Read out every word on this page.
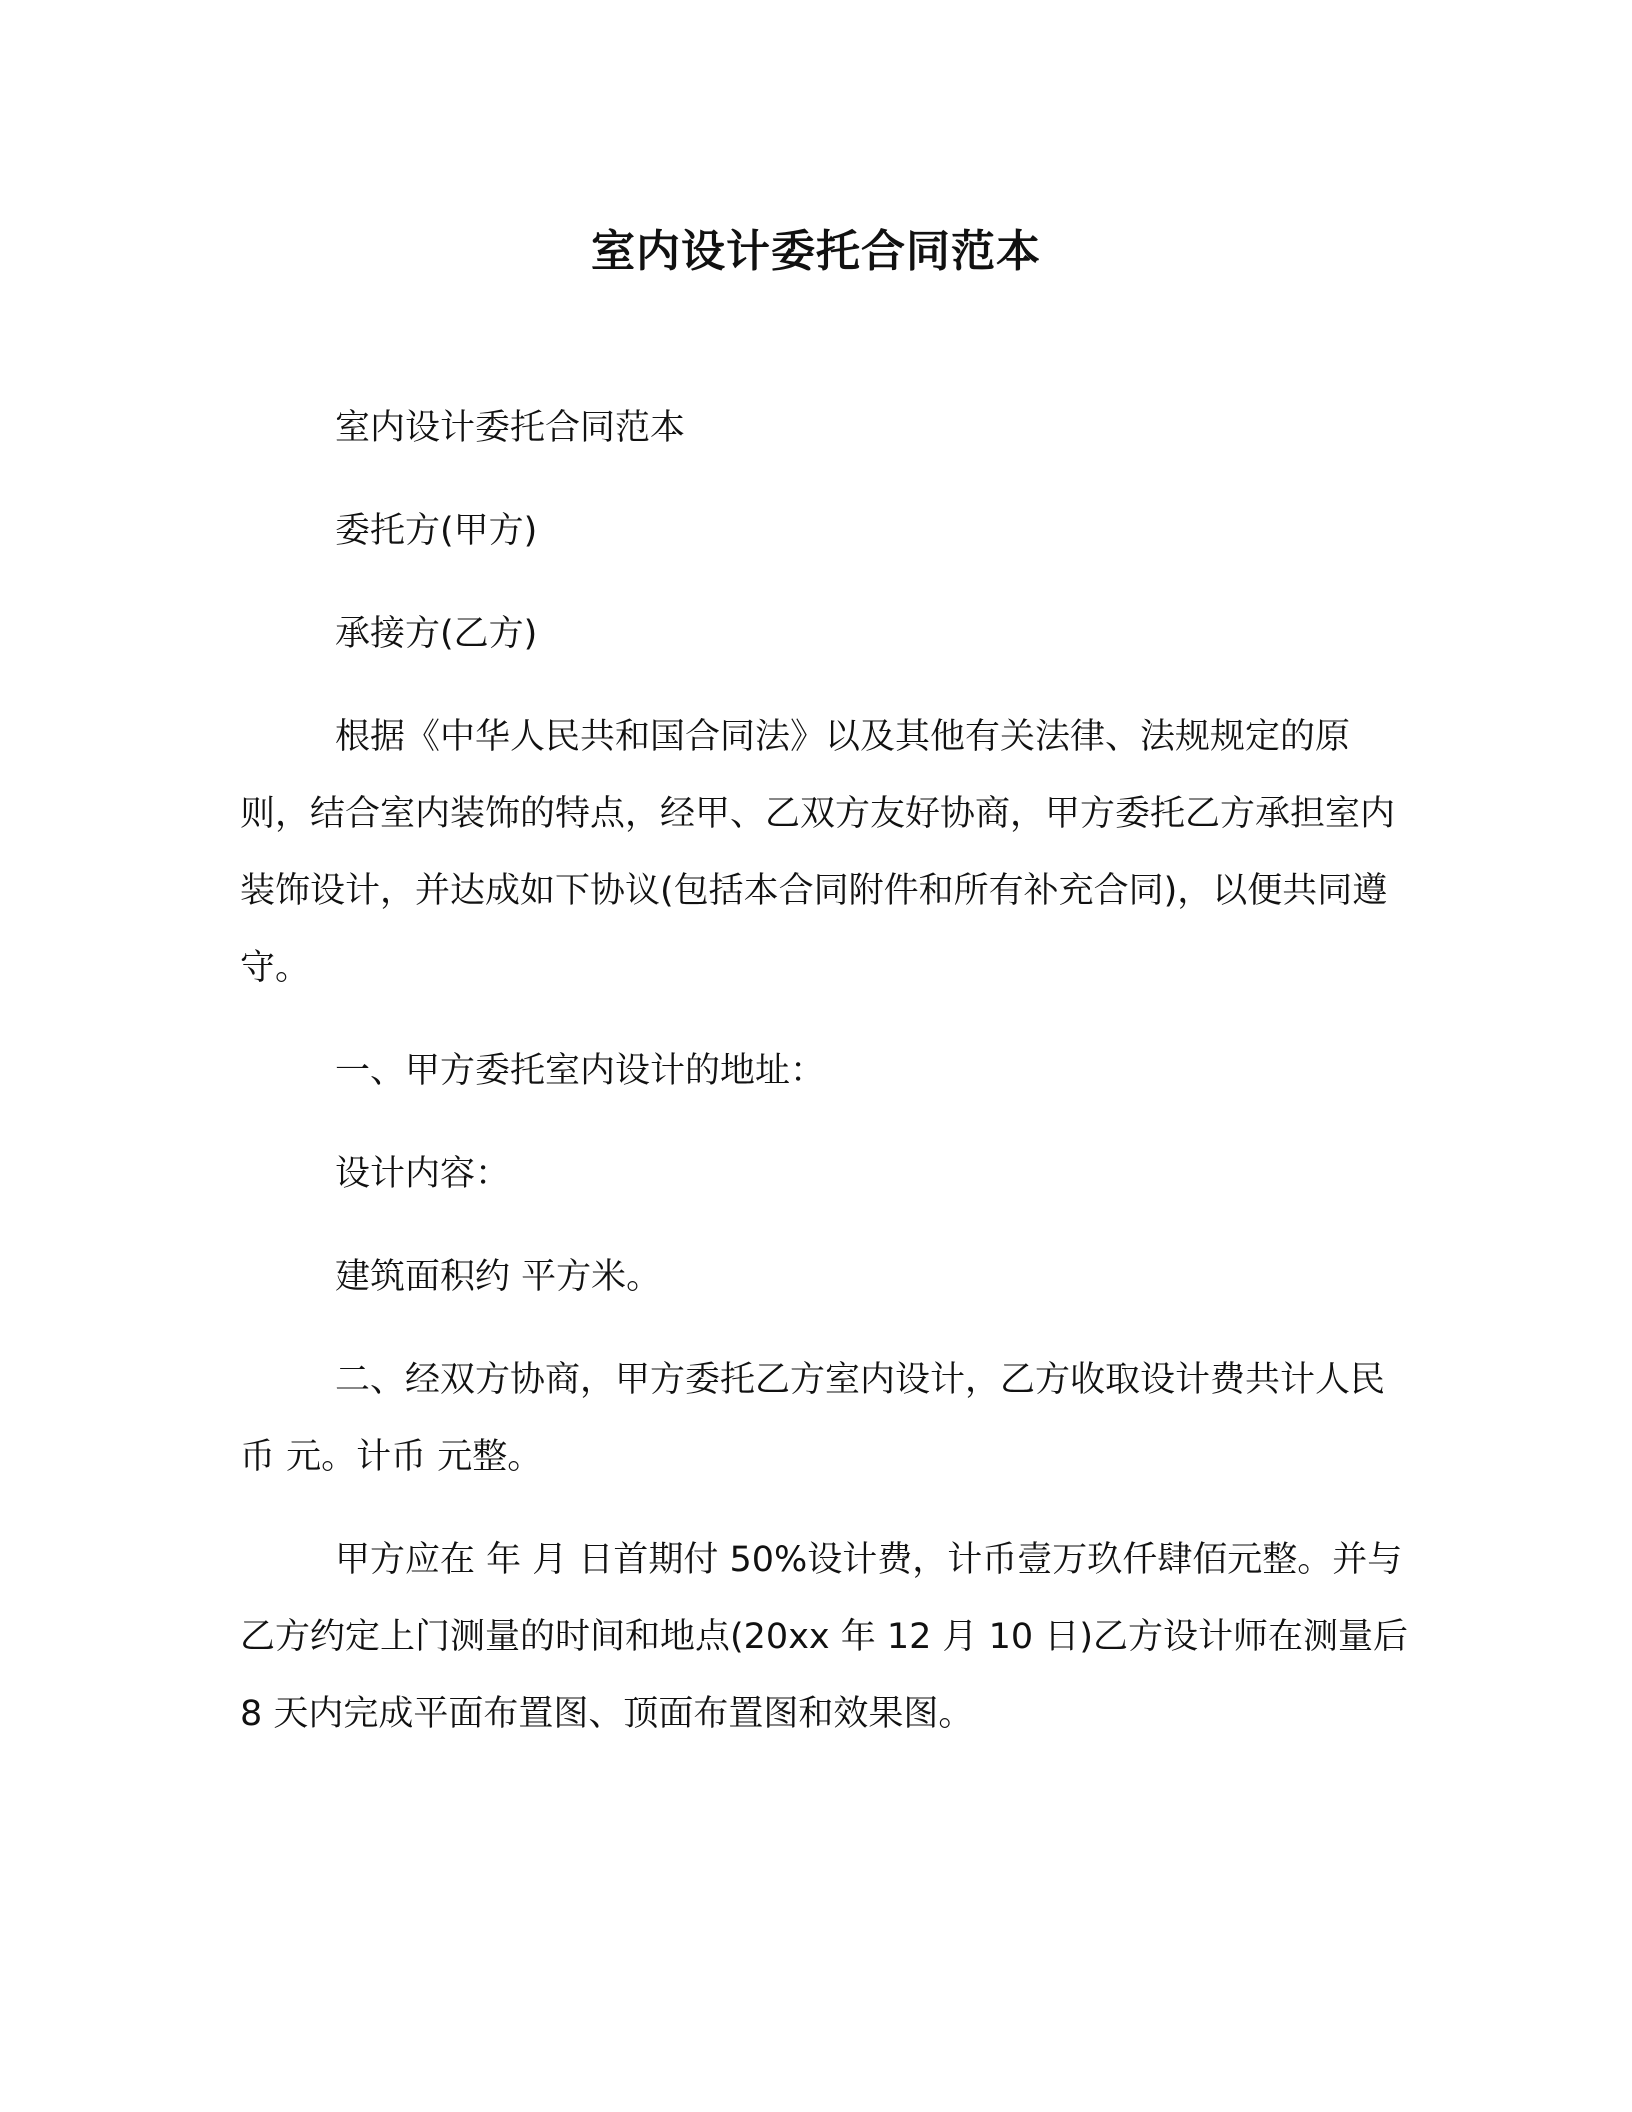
室内设计委托合同范本

室内设计委托合同范本

委托方(甲方)

承接方(乙方)

根据《中华人民共和国合同法》以及其他有关法律、法规规定的原则，结合室内装饰的特点，经甲、乙双方友好协商，甲方委托乙方承担室内装饰设计，并达成如下协议(包括本合同附件和所有补充合同)，以便共同遵守。

一、甲方委托室内设计的地址：

设计内容：

建筑面积约 平方米。

二、经双方协商，甲方委托乙方室内设计，乙方收取设计费共计人民币 元。计币 元整。

甲方应在 年 月 日首期付 50%设计费，计币壹万玖仟肆佰元整。并与乙方约定上门测量的时间和地点(20xx 年 12 月 10 日)乙方设计师在测量后 8 天内完成平面布置图、顶面布置图和效果图。
